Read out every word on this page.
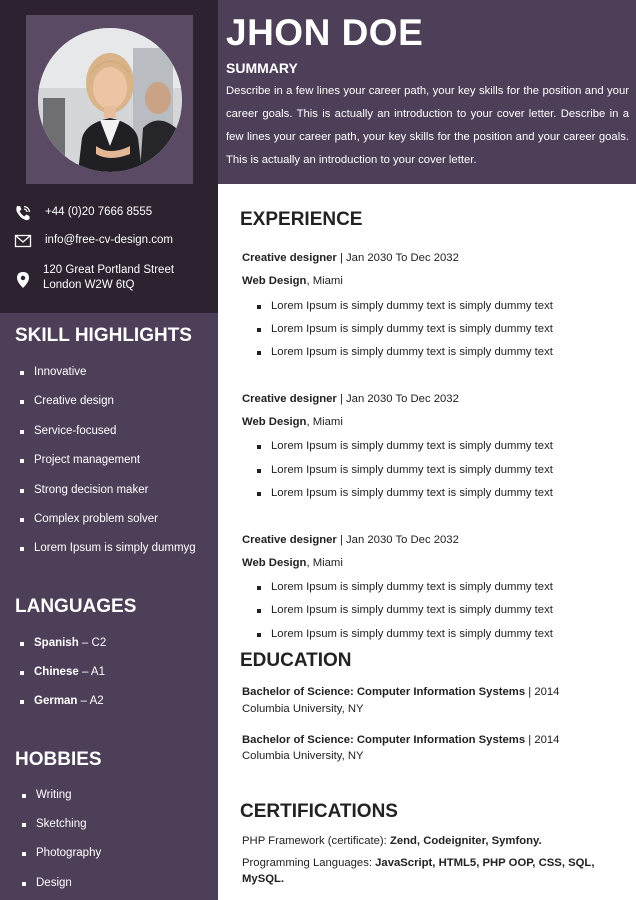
+44 (0)20 7666 8555
info@free-cv-design.com
120 Great Portland Street
London W2W 6tQ
SKILL HIGHLIGHTS
Innovative
Creative design
Service-focused
Project management
Strong decision maker
Complex problem solver
Lorem Ipsum is simply dummyg
LANGUAGES
Spanish – C2
Chinese – A1
German – A2
HOBBIES
Writing
Sketching
Photography
Design
JHON DOE
SUMMARY
Describe in a few lines your career path, your key skills for the position and your career goals. This is actually an introduction to your cover letter. Describe in a few lines your career path, your key skills for the position and your career goals. This is actually an introduction to your cover letter.
EXPERIENCE
Creative designer | Jan 2030 To Dec 2032
Web Design, Miami
Lorem Ipsum is simply dummy text is simply dummy text
Lorem Ipsum is simply dummy text is simply dummy text
Lorem Ipsum is simply dummy text is simply dummy text
Creative designer | Jan 2030 To Dec 2032
Web Design, Miami
Lorem Ipsum is simply dummy text is simply dummy text
Lorem Ipsum is simply dummy text is simply dummy text
Lorem Ipsum is simply dummy text is simply dummy text
Creative designer | Jan 2030 To Dec 2032
Web Design, Miami
Lorem Ipsum is simply dummy text is simply dummy text
Lorem Ipsum is simply dummy text is simply dummy text
Lorem Ipsum is simply dummy text is simply dummy text
EDUCATION
Bachelor of Science: Computer Information Systems | 2014
Columbia University, NY
Bachelor of Science: Computer Information Systems | 2014
Columbia University, NY
CERTIFICATIONS
PHP Framework (certificate): Zend, Codeigniter, Symfony.
Programming Languages: JavaScript, HTML5, PHP OOP, CSS, SQL, MySQL.
